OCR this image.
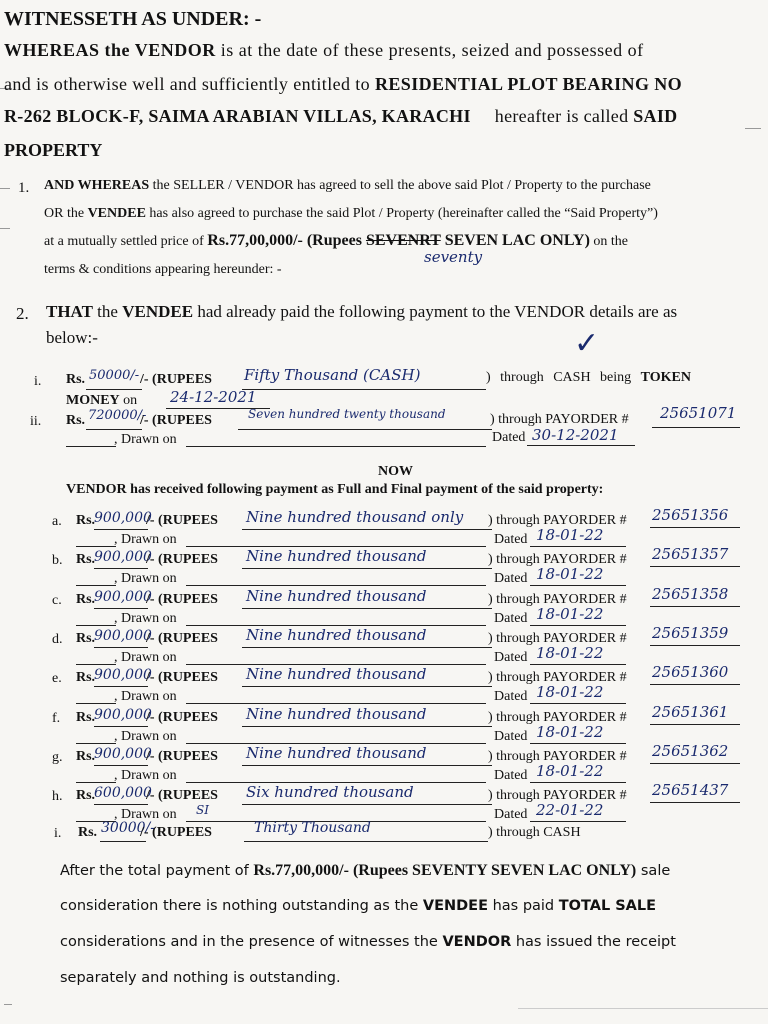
WITNESSETH AS UNDER: -
WHEREAS the VENDOR is at the date of these presents, seized and possessed of
and is otherwise well and sufficiently entitled to RESIDENTIAL PLOT BEARING NO
R-262 BLOCK-F, SAIMA ARABIAN VILLAS, KARACHI hereafter is called SAID
PROPERTY
1. AND WHEREAS the SELLER / VENDOR has agreed to sell the above said Plot / Property to the purchase
OR the VENDEE has also agreed to purchase the said Plot / Property (hereinafter called the “Said Property”)
at a mutually settled price of Rs.77,00,000/- (Rupees SEVENRT SEVEN LAC ONLY) on the
seventy
terms & conditions appearing hereunder: -
2. THAT the VENDEE had already paid the following payment to the VENDOR details are as
below:-	✓
i. Rs. 50000/- /- (RUPEES Fifty Thousand (CASH)	) through CASH being TOKEN
MONEY on 24-12-2021
ii. Rs. 720000/-
/- (RUPEES	Seven hundred twenty thousand	) through PAYORDER # 25651071
, Drawn on	Dated 30-12-2021
NOW
VENDOR has received following payment as Full and Final payment of the said property:
a. Rs.
900,000
/- (RUPEES Nine hundred thousand only ) through PAYORDER # 25651356
, Drawn on	Dated 18-01-22
b. Rs.
900,000
/- (RUPEES Nine hundred thousand	) through PAYORDER # 25651357
, Drawn on	Dated 18-01-22
c. Rs.
900,000
/- (RUPEES Nine hundred thousand	) through PAYORDER # 25651358
, Drawn on	Dated 18-01-22
d. Rs.
900,000
/- (RUPEES Nine hundred thousand	) through PAYORDER # 25651359
, Drawn on	Dated 18-01-22
e. Rs.
900,000
/- (RUPEES Nine hundred thousand	) through PAYORDER # 25651360
, Drawn on	Dated 18-01-22
f. Rs.
900,000
/- (RUPEES Nine hundred thousand	) through PAYORDER # 25651361
, Drawn on	Dated 18-01-22
g. Rs.
900,000
/- (RUPEES Nine hundred thousand	) through PAYORDER # 25651362
, Drawn on	Dated 18-01-22
h. Rs.
600,000
/- (RUPEES Six hundred thousand	) through PAYORDER # 25651437
, Drawn on SI	Dated 22-01-22
i. Rs. 30000/-
/- (RUPEES	Thirty Thousand	) through CASH
After the total payment of Rs.77,00,000/- (Rupees SEVENTY SEVEN LAC ONLY) sale
consideration there is nothing outstanding as the VENDEE has paid TOTAL SALE
considerations and in the presence of witnesses the VENDOR has issued the receipt
separately and nothing is outstanding.
